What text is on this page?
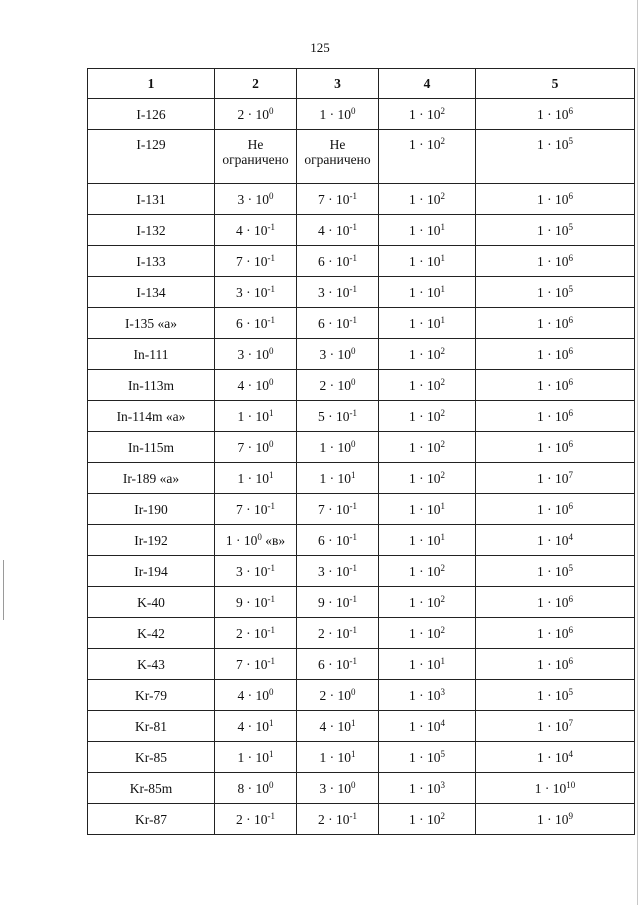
125
1	2	3	4	5
I-126	$2 \cdot 10^0$	$1 \cdot 10^0$	$1 \cdot 10^2$	$1 \cdot 10^6$
I-129	Не ограничено	Не ограничено	$1 \cdot 10^2$	$1 \cdot 10^5$
I-131	$3 \cdot 10^0$	$7 \cdot 10^{-1}$	$1 \cdot 10^2$	$1 \cdot 10^6$
I-132	$4 \cdot 10^{-1}$	$4 \cdot 10^{-1}$	$1 \cdot 10^1$	$1 \cdot 10^5$
I-133	$7 \cdot 10^{-1}$	$6 \cdot 10^{-1}$	$1 \cdot 10^1$	$1 \cdot 10^6$
I-134	$3 \cdot 10^{-1}$	$3 \cdot 10^{-1}$	$1 \cdot 10^1$	$1 \cdot 10^5$
I-135 «а»	$6 \cdot 10^{-1}$	$6 \cdot 10^{-1}$	$1 \cdot 10^1$	$1 \cdot 10^6$
In-111	$3 \cdot 10^0$	$3 \cdot 10^0$	$1 \cdot 10^2$	$1 \cdot 10^6$
In-113m	$4 \cdot 10^0$	$2 \cdot 10^0$	$1 \cdot 10^2$	$1 \cdot 10^6$
In-114m «а»	$1 \cdot 10^1$	$5 \cdot 10^{-1}$	$1 \cdot 10^2$	$1 \cdot 10^6$
In-115m	$7 \cdot 10^0$	$1 \cdot 10^0$	$1 \cdot 10^2$	$1 \cdot 10^6$
Ir-189 «а»	$1 \cdot 10^1$	$1 \cdot 10^1$	$1 \cdot 10^2$	$1 \cdot 10^7$
Ir-190	$7 \cdot 10^{-1}$	$7 \cdot 10^{-1}$	$1 \cdot 10^1$	$1 \cdot 10^6$
Ir-192	$1 \cdot 10^0$ «в»	$6 \cdot 10^{-1}$	$1 \cdot 10^1$	$1 \cdot 10^4$
Ir-194	$3 \cdot 10^{-1}$	$3 \cdot 10^{-1}$	$1 \cdot 10^2$	$1 \cdot 10^5$
K-40	$9 \cdot 10^{-1}$	$9 \cdot 10^{-1}$	$1 \cdot 10^2$	$1 \cdot 10^6$
K-42	$2 \cdot 10^{-1}$	$2 \cdot 10^{-1}$	$1 \cdot 10^2$	$1 \cdot 10^6$
K-43	$7 \cdot 10^{-1}$	$6 \cdot 10^{-1}$	$1 \cdot 10^1$	$1 \cdot 10^6$
Kr-79	$4 \cdot 10^0$	$2 \cdot 10^0$	$1 \cdot 10^3$	$1 \cdot 10^5$
Kr-81	$4 \cdot 10^1$	$4 \cdot 10^1$	$1 \cdot 10^4$	$1 \cdot 10^7$
Kr-85	$1 \cdot 10^1$	$1 \cdot 10^1$	$1 \cdot 10^5$	$1 \cdot 10^4$
Kr-85m	$8 \cdot 10^0$	$3 \cdot 10^0$	$1 \cdot 10^3$	$1 \cdot 10^{10}$
Kr-87	$2 \cdot 10^{-1}$	$2 \cdot 10^{-1}$	$1 \cdot 10^2$	$1 \cdot 10^9$
